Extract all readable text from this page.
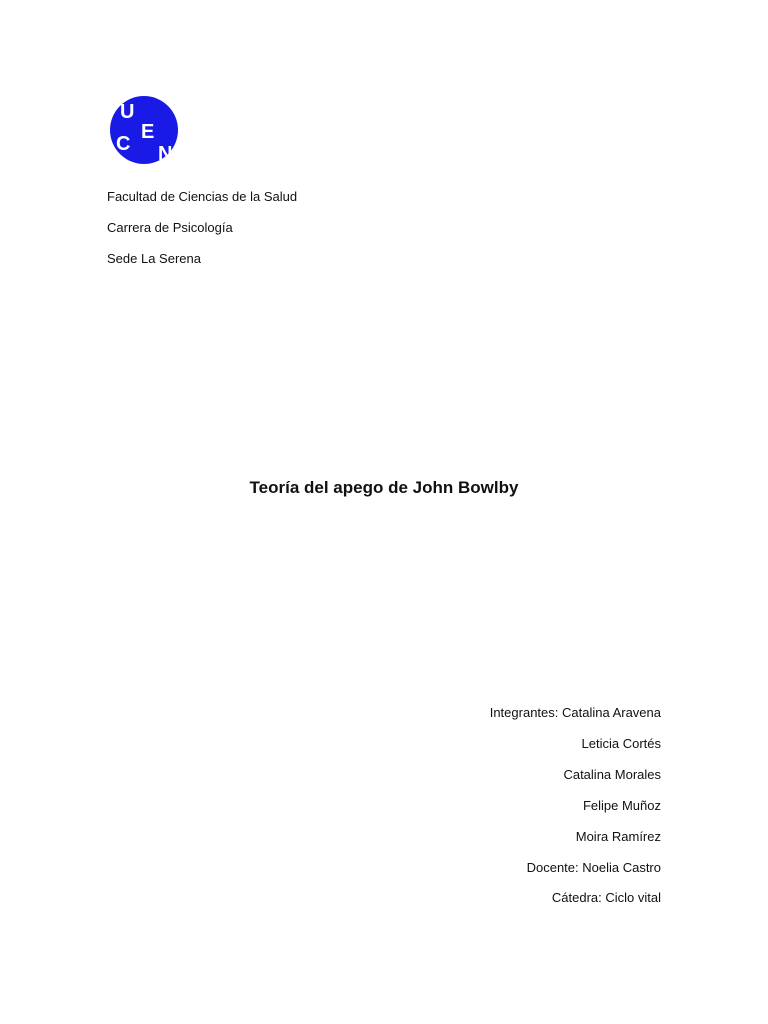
U
C
E
N
Facultad de Ciencias de la Salud
Carrera de Psicología
Sede La Serena
Teoría del apego de John Bowlby
Integrantes: Catalina Aravena
Leticia Cortés
Catalina Morales
Felipe Muñoz
Moira Ramírez
Docente: Noelia Castro
Cátedra: Ciclo vital
